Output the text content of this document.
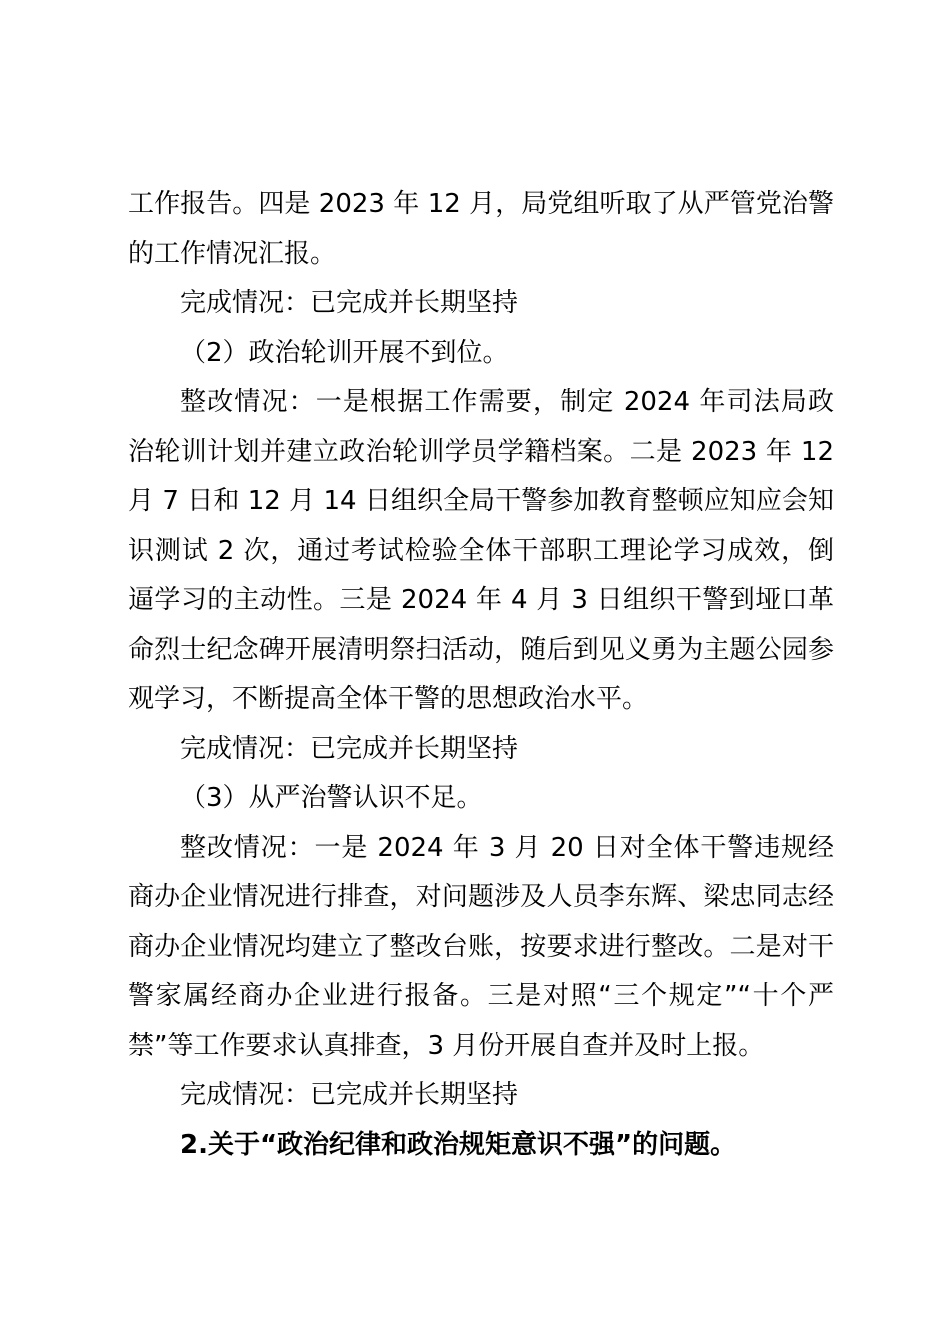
工作报告。四是 2023 年 12 月，局党组听取了从严管党治警的工作情况汇报。

完成情况：已完成并长期坚持

（2）政治轮训开展不到位。

整改情况：一是根据工作需要，制定 2024 年司法局政治轮训计划并建立政治轮训学员学籍档案。二是 2023 年 12 月 7 日和 12 月 14 日组织全局干警参加教育整顿应知应会知识测试 2 次，通过考试检验全体干部职工理论学习成效，倒逼学习的主动性。三是 2024 年 4 月 3 日组织干警到垭口革命烈士纪念碑开展清明祭扫活动，随后到见义勇为主题公园参观学习，不断提高全体干警的思想政治水平。

完成情况：已完成并长期坚持

（3）从严治警认识不足。

整改情况：一是 2024 年 3 月 20 日对全体干警违规经商办企业情况进行排查，对问题涉及人员李东辉、梁忠同志经商办企业情况均建立了整改台账，按要求进行整改。二是对干警家属经商办企业进行报备。三是对照“三个规定”“十个严禁”等工作要求认真排查，3 月份开展自查并及时上报。

完成情况：已完成并长期坚持

2.关于“政治纪律和政治规矩意识不强”的问题。
